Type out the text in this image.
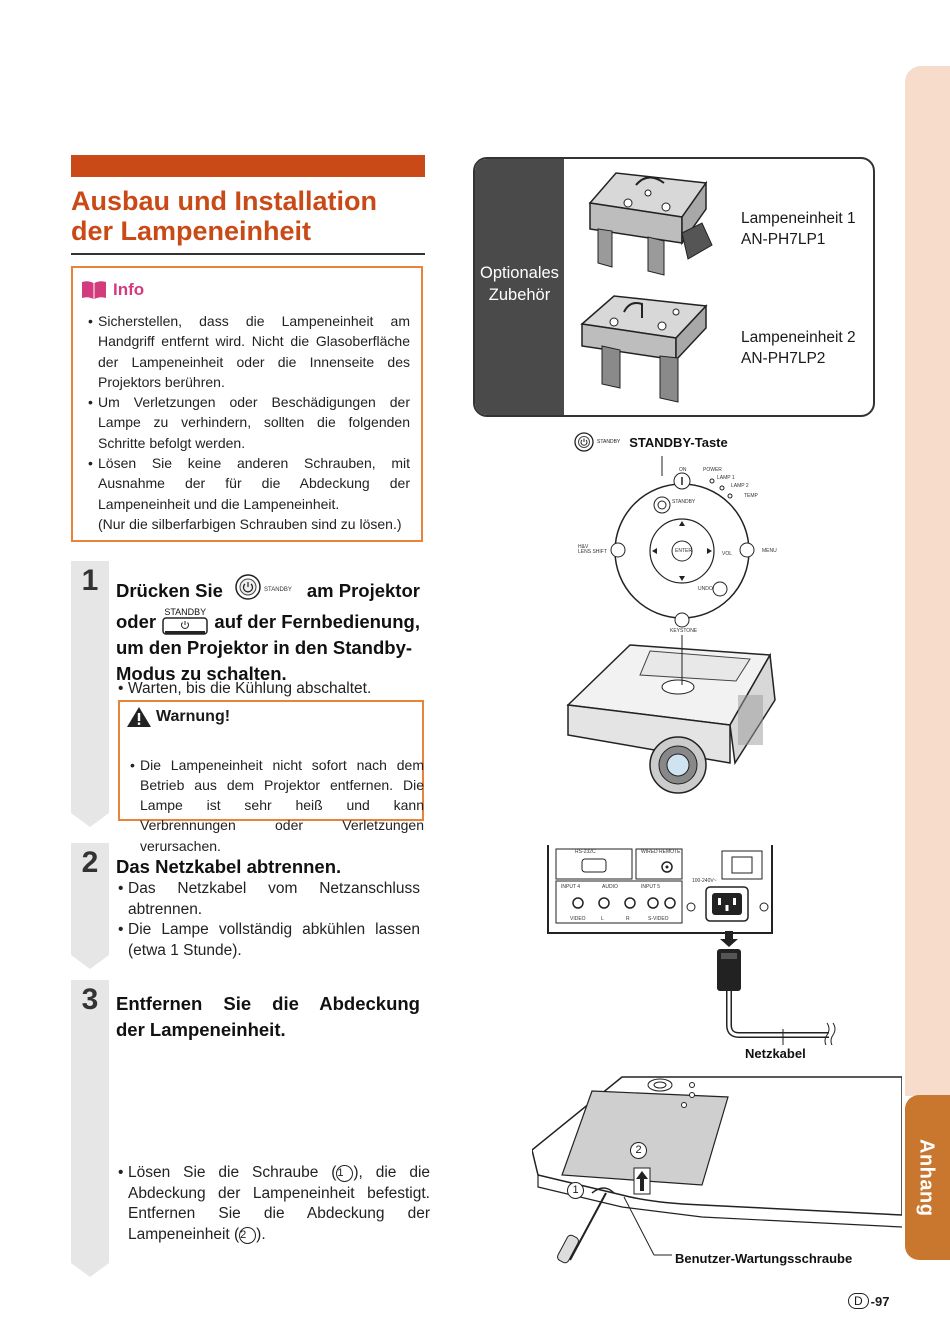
Anhang
Ausbau und Installation
der Lampeneinheit
Info
• Sicherstellen, dass die Lampeneinheit am Handgriff entfernt wird. Nicht die Glasoberfläche der Lampeneinheit oder die Innenseite des Projektors berühren.
• Um Verletzungen oder Beschädigungen der Lampe zu verhindern, sollten die folgenden Schritte befolgt werden.
• Lösen Sie keine anderen Schrauben, mit Ausnahme der für die Abdeckung der Lampeneinheit und die Lampeneinheit.
(Nur die silberfarbigen Schrauben sind zu lösen.)
1 Drücken Sie	am Projektor
oder STANDBY auf der Fernbedienung,
um den Projektor in den Standby-
Modus zu schalten.
STANDBY
• Warten, bis die Kühlung abschaltet.
Warnung!
• Die Lampeneinheit nicht sofort nach dem Betrieb aus dem Projektor entfernen. Die Lampe ist sehr heiß und kann Verbrennungen oder Verletzungen verursachen.
2 Das Netzkabel abtrennen.
• Das Netzkabel vom Netzanschluss abtrennen.
• Die Lampe vollständig abkühlen lassen (etwa 1 Stunde).
3 Entfernen Sie die Abdeckung
der Lampeneinheit.
• Lösen Sie die Schraube (1 ), die die Abdeckung der Lampeneinheit befestigt. Entfernen Sie die Abdeckung der Lampeneinheit (2 ).
Optionales
Zubehör
Lampeneinheit 1
AN-PH7LP1
Lampeneinheit 2
AN-PH7LP2
STANDBY STANDBY-Taste
ON	POWER
LAMP 1
LAMP 2
TEMP
STANDBY
H&V
LENS SHIFT	ENTER	VOL	MENU
UNDO
KEYSTONE
RS-232C	WIRED REMOTE
INPUT 4	AUDIO	INPUT 5
VIDEO	L	R	S-VIDEO
100-240V~
Netzkabel
1
2
Benutzer-Wartungsschraube
D -97
